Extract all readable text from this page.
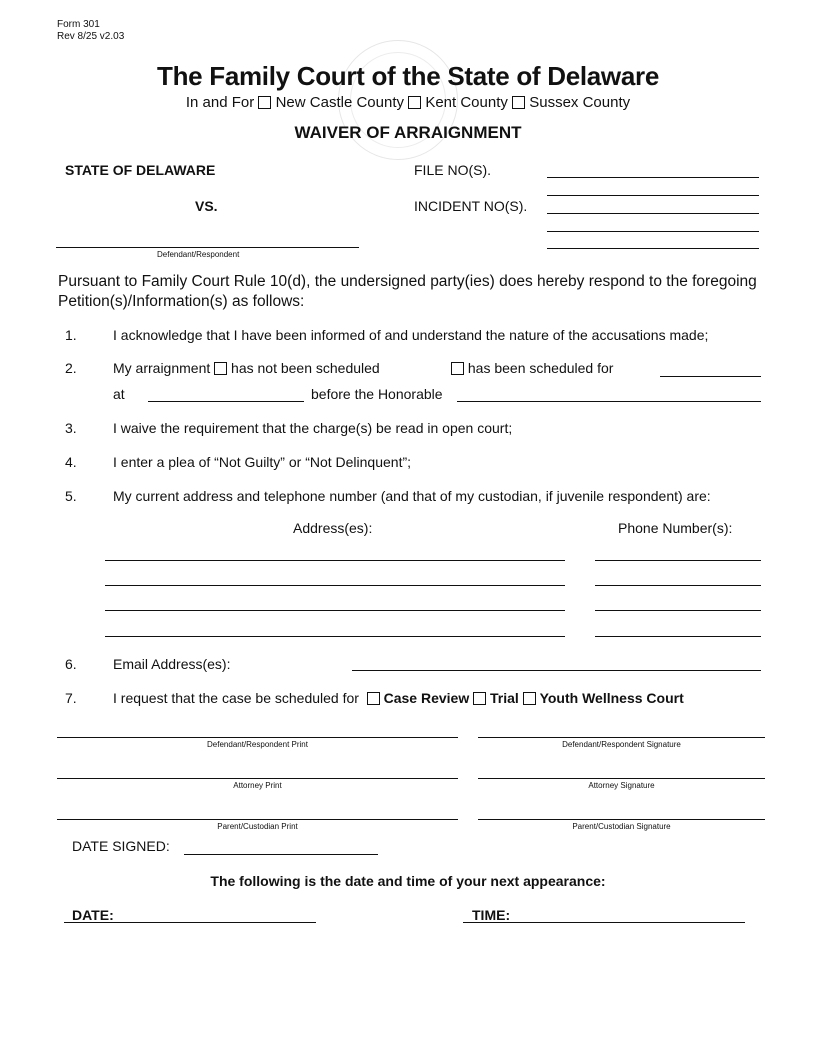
Form 301
Rev 8/25 v2.03
The Family Court of the State of Delaware
In and For New Castle County Kent County Sussex County
WAIVER OF ARRAIGNMENT
STATE OF DELAWARE
VS.
Defendant/Respondent
FILE NO(S).
INCIDENT NO(S).
Pursuant to Family Court Rule 10(d), the undersigned party(ies) does hereby respond to the foregoing Petition(s)/Information(s) as follows:
1.	I acknowledge that I have been informed of and understand the nature of the accusations made;
2.	My arraignment has not been scheduled	has been scheduled for
at	before the Honorable
3.	I waive the requirement that the charge(s) be read in open court;
4.	I enter a plea of “Not Guilty” or “Not Delinquent”;
5.	My current address and telephone number (and that of my custodian, if juvenile respondent) are:
Address(es):	Phone Number(s):
6.	Email Address(es):
7.	I request that the case be scheduled for Case Review Trial Youth Wellness Court
Defendant/Respondent Print	Defendant/Respondent Signature
Attorney Print	Attorney Signature
Parent/Custodian Print	Parent/Custodian Signature
DATE SIGNED:
The following is the date and time of your next appearance:
DATE:	TIME:
